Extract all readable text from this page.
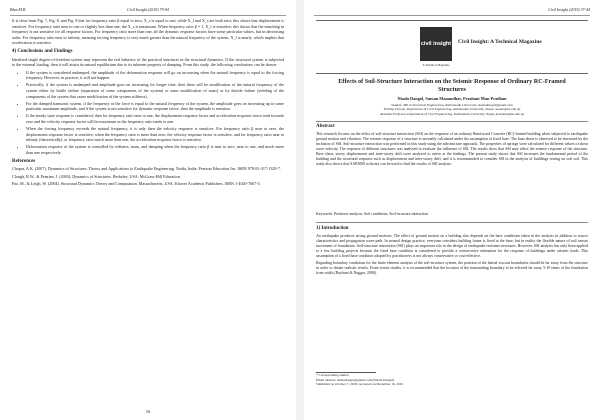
Bhat M.R.	Civil Insight (2019) 79-94

It is clear from Fig. 7, Fig. 8, and Fig. 9 that for frequency ratio β equal to zero, X_s is equal to one, while X_l and X_s are both zero; this shows that displacement is sensitive. For frequency ratio near to one or slightly less than one, the X_s is maximum. When frequency ratio β = 1, X_l is sensitive; this shows that the matching in frequency is not sensitive for all response factors. For frequency ratio more than one, all the dynamic response factors have some particular values, but in decreasing order. For frequency ratio near to infinity, meaning forcing frequency is very much greater than the natural frequency of the system, X_l is nearly, which implies that acceleration is sensitive.

4) Conclusions and Findings

Idealized single degree-of-freedom system may represent the real behavior of the practical structures in the structural dynamics. If the structural system is subjected to the external loading, then it will attain its natural equilibrium due to its inherent property of damping. From this study, the following conclusions can be drawn:

• If the system is considered undamped, the amplitude of the deformation response will go on increasing when the natural frequency is equal to the forcing frequency. However, in practice, it will not happen.
• Practically, if the system is undamped and amplitude goes on increasing for longer time, then there will be modification of the natural frequency of the system either by brittle failure (separation of some components of the system) or mass modification of mass) or by ductile failure (yielding of the components of the system that cause modification of the system stiffness).
• For the damped harmonic system, if the frequency of the force is equal to the natural frequency of the system, the amplitude goes on increasing up to some particular maximum amplitude, and if the system is not sensitive for dynamic response factor, then the amplitude is sensitive.
• If the steady state response is considered, then for frequency ratio near to one, the displacement response factor and acceleration response factor tend towards zero and the velocity response factor will be maximum as the frequency ratio tends to one.
• When the forcing frequency exceeds the natural frequency, it is only then the velocity response is sensitive. For frequency ratio β near to zero, the displacement response factor is sensitive; when the frequency ratio is more than zero, the velocity response factor is sensitive, and for frequency ratio near to infinity (theoretically), or frequency ratio much more than one, the acceleration response factor is sensitive.
• Deformation response of the system is controlled by stiffness, mass, and damping when the frequency ratio β is near to zero, near to one, and much more than one respectively.
References

Chopra, A.K. (2007). Dynamics of Structures: Theory and Applications to Earthquake Engineering. Noida, India: Pearson Education Inc. ISBN 978-81-317-1329-7.

Clough, R.W., & Penzien, J. (2003). Dynamics of Structures. Berkeley, USA: McGraw-Hill Education.

Paz, M., & Leigh, W. (2004). Structural Dynamics Theory and Computation. Massachusetts, USA: Kluwer Academic Publishers. ISBN 1-4020-7667-3.

16
Civil Insight (2019) 37-44
civil insight
A Technical Magazine
Civil Insight: A Technical Magazine
Effects of Soil-Structure Interaction on the Seismic Response of Ordinary RC-Framed Structures
Nisala Dangol, Suman Manandhar, Prashant Man Pradhan
Student, ME in Structural Engineering, Kathmandu University, nisaladangol@gmail.com
Visiting Faculty, Department of Civil Engineering, Kathmandu University, Nepal, suman@ku.edu.np
Assistant Professor, Department of Civil Engineering, Kathmandu University, Nepal, prashant@ku.edu.np
Abstract
This research focuses on the effect of soil-structure interaction (SSI) on the response of an ordinary Reinforced Concrete (RC)-framed building when subjected to earthquake ground motion and vibration. The seismic response of a structure is normally calculated under the assumption of fixed base. The base shear is observed to be increased by the inclusion of SSI. Soil-structure interaction was performed in this study using the substructure approach. The properties of springs were calculated for different values of shear wave velocity. The response of different structures was analysed to evaluate the influence of SSI. The results show that SSI may affect the seismic response of the structure. Base shear, storey displacement and inter-storey drift were analysed to arrive at the findings. The present study shows that SSI increases the fundamental period of the building and the structural response such as displacement and inter-storey drift, and it is recommended to consider SSI in the analysis of buildings resting on soft soil. This study also shows that SAP2000 software can be used to find the results of SSI analysis.
Keywords: Pushover analysis, Soil conditions, Soil-structure interaction
1) Introduction

An earthquake produces strong ground motions. The effect of ground motion on a building also depends on the base conditions taken in the analysis in addition to source characteristics and propagation wave path. In normal design practice, everyone considers building frame is fixed at the base, but in reality the flexible nature of soil causes movement of foundation. Soil-structure interaction (SSI) plays an important role in the design of earthquake-resistant structures. However, SSI analysis has only been applied to a few building projects because the fixed base condition is considered to provide a conservative estimation for the response of buildings under seismic loads. This assumption of a fixed base condition adopted by practitioners is not always conservative or cost-effective.

Regarding boundary conditions for the finite element analysis of the soil-structure system, the position of the lateral viscous boundaries should be far away from the structure in order to obtain realistic results. From recent studies, it is recommended that the location of the transmitting boundary to be selected far away 5-10 times of the foundation from width (Rayhani & Naggar, 2008).

* Corresponding Author
Email address: nisaladangol@gmail.com (Nisala Dangol)
Submitted on October 7, 2019; Accepted on December 16, 2019
